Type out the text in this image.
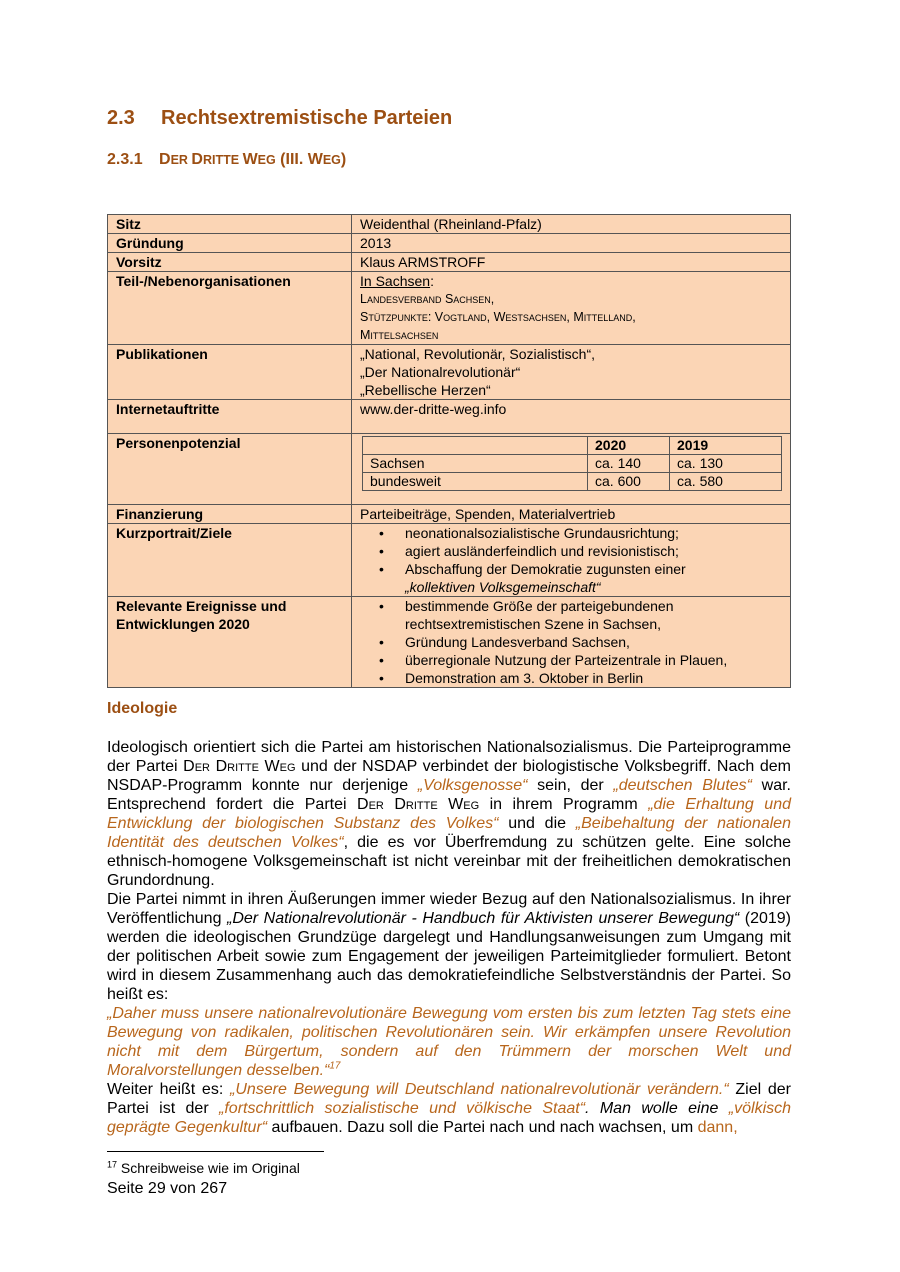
2.3 Rechtsextremistische Parteien
2.3.1 DER DRITTE WEG (III. WEG)
Sitz	Weidenthal (Rheinland-Pfalz)
Gründung	2013
Vorsitz	Klaus ARMSTROFF
Teil-/Nebenorganisationen	In Sachsen:
Landesverband Sachsen,
Stützpunkte: Vogtland, Westsachsen, Mittelland,
Mittelsachsen

Publikationen	„National, Revolutionär, Sozialistisch“,
„Der Nationalrevolutionär“
„Rebellische Herzen“

Internetauftritte	www.der-dritte-weg.info
Personenpotenzial	
		2020	2019
Sachsen	ca. 140	ca. 130
bundesweit	ca. 600	ca. 580

Finanzierung	Parteibeiträge, Spenden, Materialvertrieb
Kurzportrait/Ziele	
•neonationalsozialistische Grundausrichtung;
• agiert ausländerfeindlich und revisionistisch;
• Abschaffung der Demokratie zugunsten einer
„kollektiven Volksgemeinschaft“

Relevante Ereignisse und
Entwicklungen 2020	
• bestimmende Größe der parteigebundenen
rechtsextremistischen Szene in Sachsen,
• Gründung Landesverband Sachsen,
• überregionale Nutzung der Parteizentrale in Plauen,
• Demonstration am 3. Oktober in Berlin
Ideologie

Ideologisch orientiert sich die Partei am historischen Nationalsozialismus. Die Parteiprogramme der Partei Der Dritte Weg und der NSDAP verbindet der biologistische Volksbegriff. Nach dem NSDAP-Programm konnte nur derjenige „Volksgenosse“ sein, der „deutschen Blutes“ war. Entsprechend fordert die Partei Der Dritte Weg in ihrem Programm „die Erhaltung und Entwicklung der biologischen Substanz des Volkes“ und die „Beibehaltung der nationalen Identität des deutschen Volkes“, die es vor Überfremdung zu schützen gelte. Eine solche ethnisch-homogene Volksgemeinschaft ist nicht vereinbar mit der freiheitlichen demokratischen Grundordnung.

Die Partei nimmt in ihren Äußerungen immer wieder Bezug auf den Nationalsozialismus. In ihrer Veröffentlichung „Der Nationalrevolutionär - Handbuch für Aktivisten unserer Bewegung“ (2019) werden die ideologischen Grundzüge dargelegt und Handlungsanweisungen zum Umgang mit der politischen Arbeit sowie zum Engagement der jeweiligen Parteimitglieder formuliert. Betont wird in diesem Zusammenhang auch das demokratiefeindliche Selbstverständnis der Partei. So heißt es:

„Daher muss unsere nationalrevolutionäre Bewegung vom ersten bis zum letzten Tag stets eine Bewegung von radikalen, politischen Revolutionären sein. Wir erkämpfen unsere Revolution nicht mit dem Bürgertum, sondern auf den Trümmern der morschen Welt und Moralvorstellungen desselben.“$^{17}$

Weiter heißt es: „Unsere Bewegung will Deutschland nationalrevolutionär verändern.“ Ziel der Partei ist der „fortschrittlich sozialistische und völkische Staat“. Man wolle eine „völkisch geprägte Gegenkultur“ aufbauen. Dazu soll die Partei nach und nach wachsen, um dann,

$^{17}$ Schreibweise wie im Original
Seite 29 von 267
